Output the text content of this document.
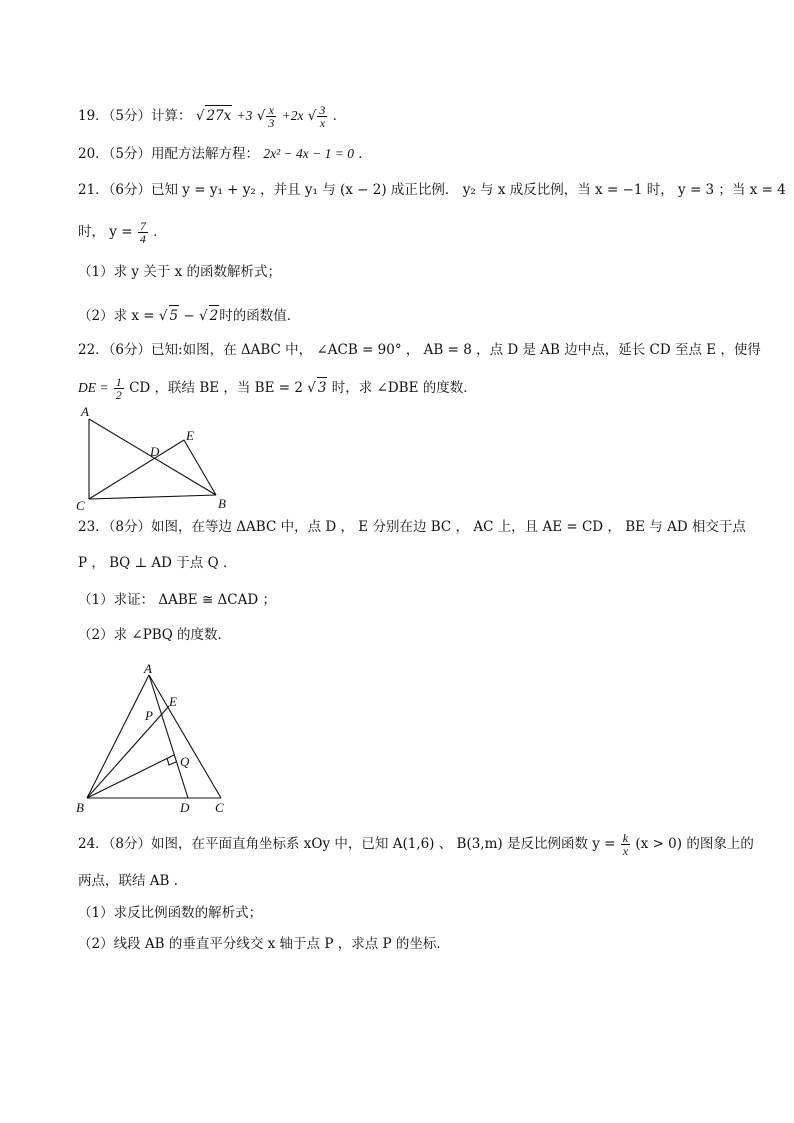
19．（5分）计算： √ 27x +3 √ $\frac{x}{3} +2x$ √ $\frac{3}{x}$ ．
20．（5分）用配方法解方程： 2x² − 4x − 1 = 0 ．
21．（6分）已知 y = y₁ + y₂ ，并且 y₁ 与 (x − 2) 成正比例． y₂ 与 x 成反比例，当 x = −1 时， y = 3 ；当 x = 4
时， $y = \frac{7}{4}$ ．
（1）求 y 关于 x 的函数解析式；
（2）求 x = √ 5 − √ 2时的函数值．
22．（6分）已知:如图，在 ΔABC 中， ∠ACB = 90° ， AB = 8 ，点 D 是 AB 边中点，延长 CD 至点 E ，使得
DE = $\frac{1}{2}$ CD ，联结 BE ，当 BE = 2 √ 3 时，求 ∠DBE 的度数．
A
C	B
D
E
23．（8分）如图，在等边 ΔABC 中，点 D ， E 分别在边 BC ， AC 上，且 AE = CD ， BE 与 AD 相交于点
P ， BQ ⊥ AD 于点 Q ．
（1）求证： ΔABE ≅ ΔCAD ；
（2）求 ∠PBQ 的度数．
A
E
P
Q
B	D C
24．（8分）如图，在平面直角坐标系 xOy 中，已知 A(1,6) 、 B(3,m) 是反比例函数 $y = \frac{k}{x} (x > 0)$ 的图象上的
两点，联结 AB ．
（1）求反比例函数的解析式；
（2）线段 AB 的垂直平分线交 x 轴于点 P ，求点 P 的坐标．
